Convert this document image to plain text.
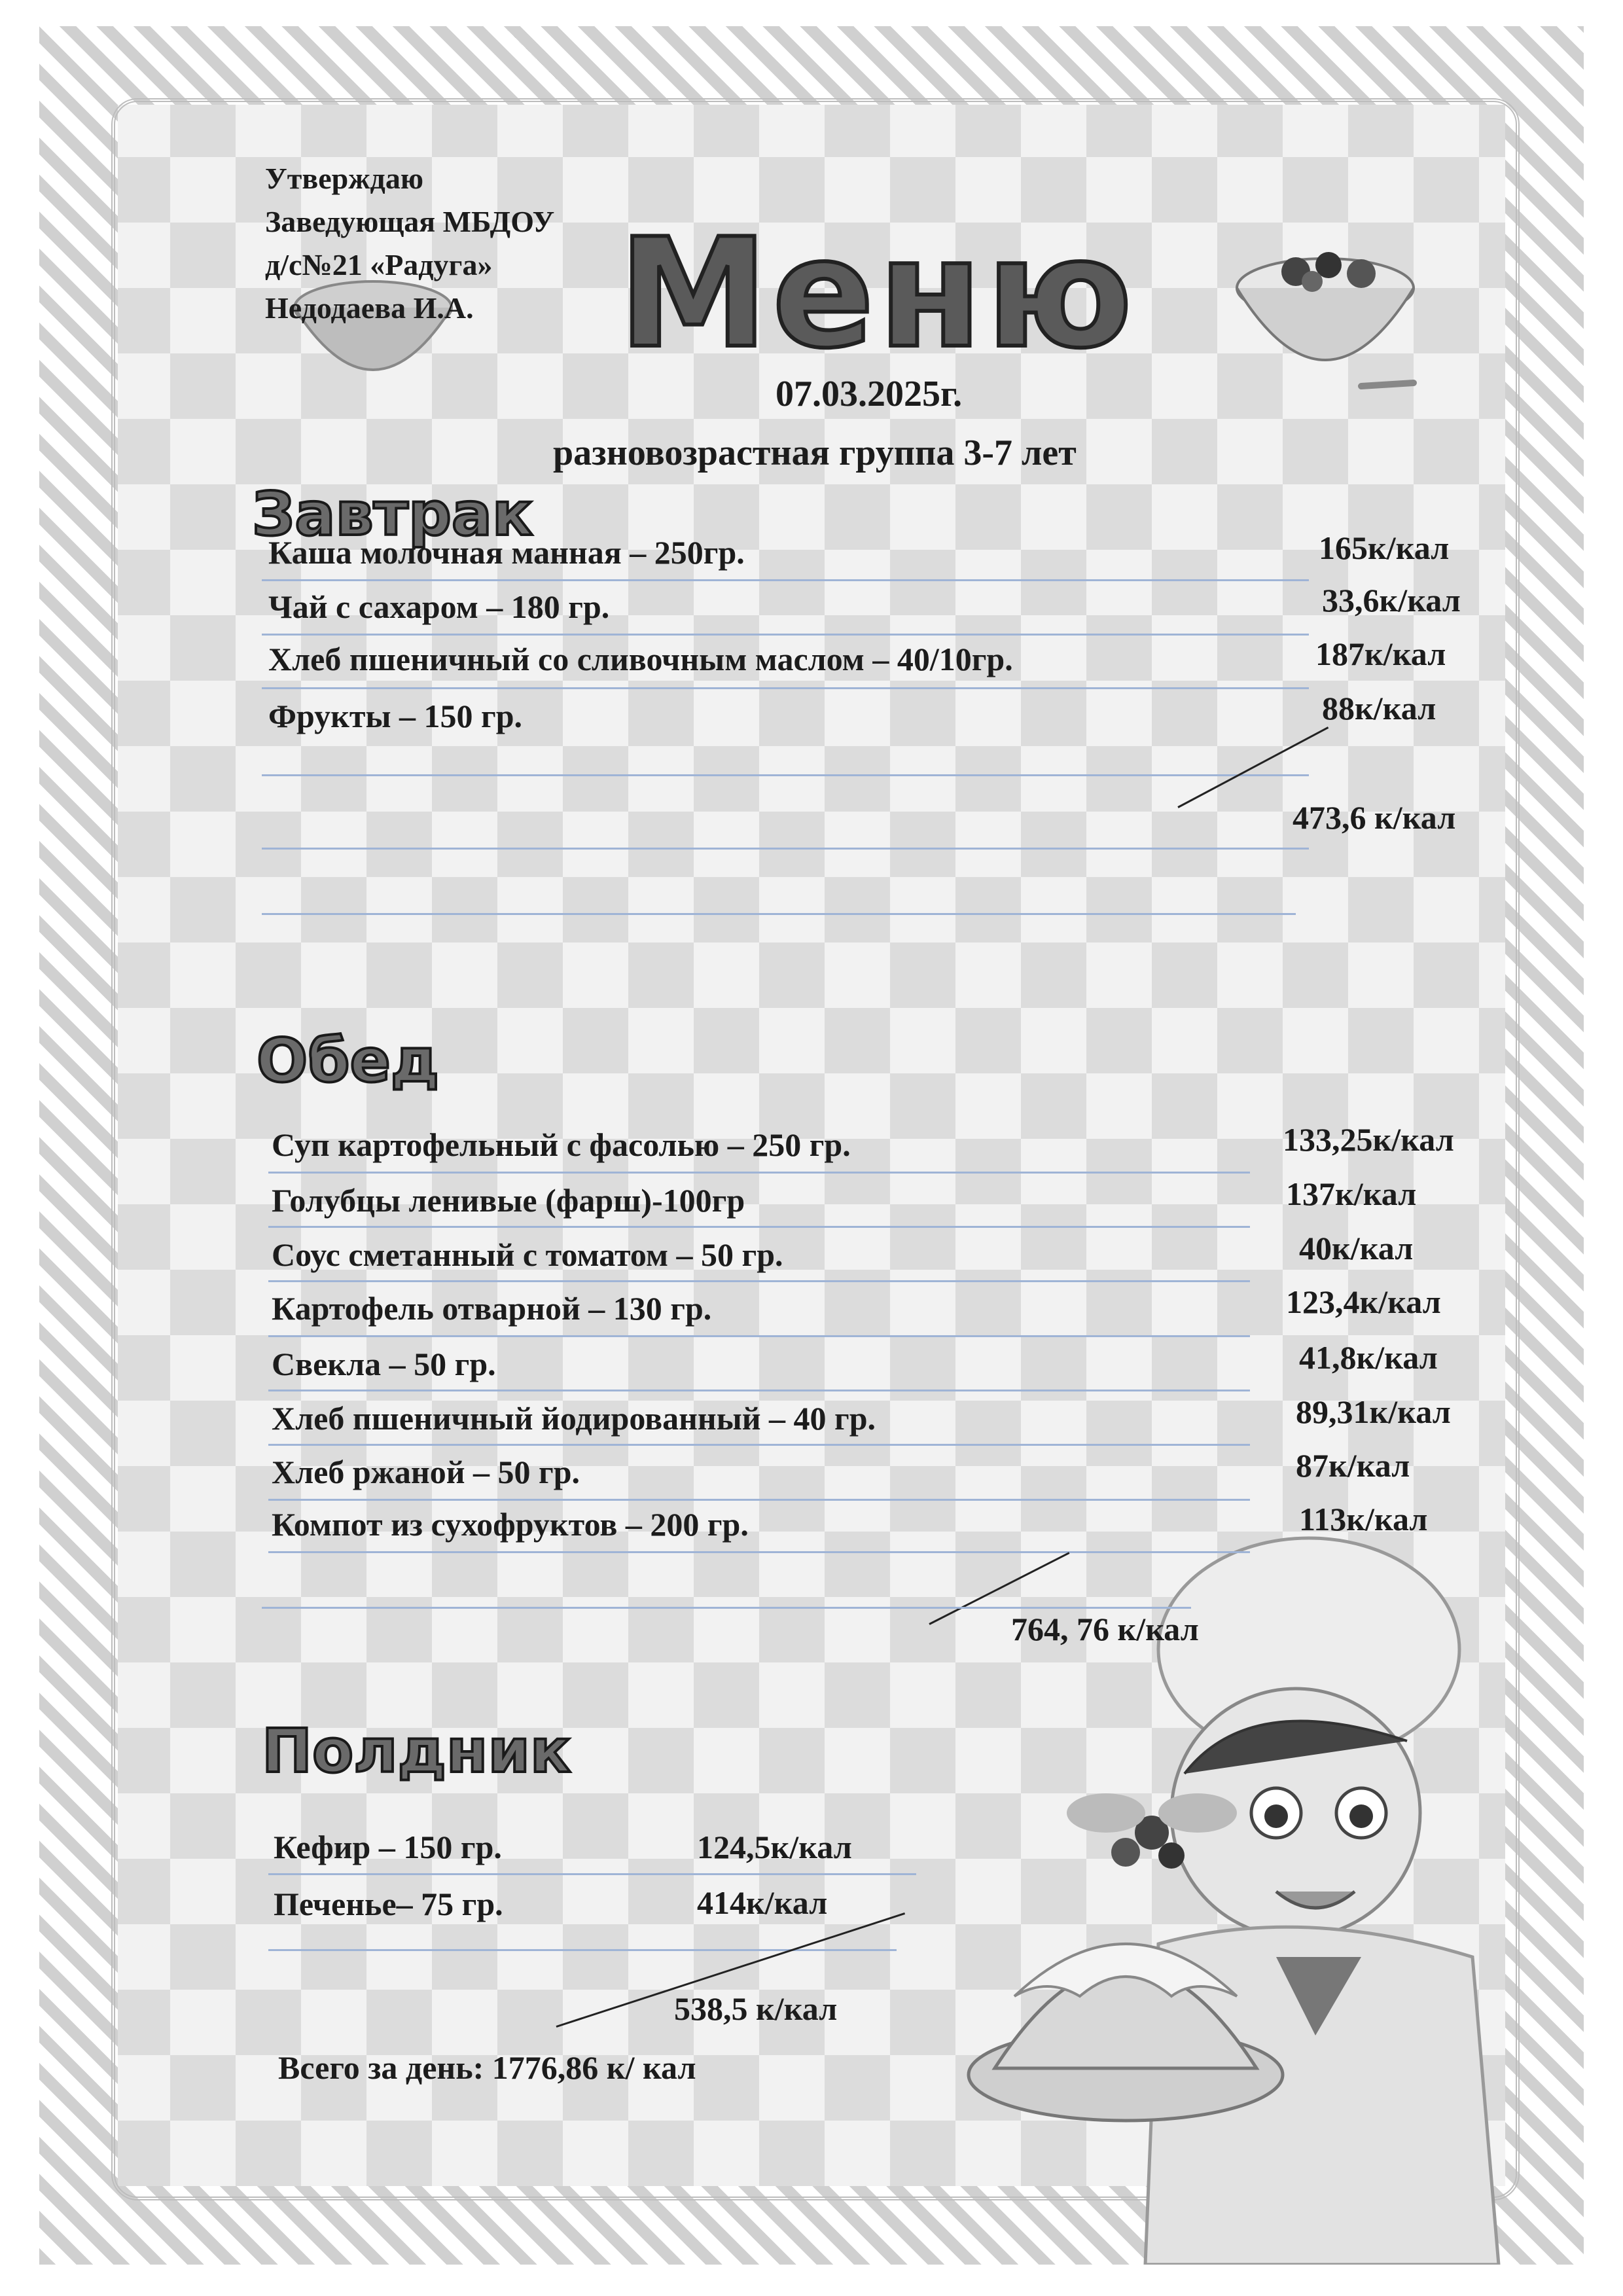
Утверждаю
Заведующая МБДОУ
д/с№21 «Радуга»
Недодаева И.А. Меню
07.03.2025г.
разновозрастная группа 3-7 лет
Завтрак
Каша молочная манная – 250гр.	165к/кал
Чай с сахаром – 180 гр.	33,6к/кал
Хлеб пшеничный со сливочным маслом – 40/10гр.	187к/кал
Фрукты – 150 гр.	88к/кал
473,6 к/кал
Обед
Суп картофельный с фасолью – 250 гр.	133,25к/кал
Голубцы ленивые (фарш)-100гр	137к/кал
Соус сметанный с томатом – 50 гр.	40к/кал
Картофель отварной – 130 гр.	123,4к/кал
Свекла – 50 гр.	41,8к/кал
Хлеб пшеничный йодированный – 40 гр.	89,31к/кал
Хлеб ржаной – 50 гр.	87к/кал
Компот из сухофруктов – 200 гр.	113к/кал
764, 76 к/кал
Полдник
Кефир – 150 гр.	124,5к/кал
Печенье– 75 гр.	414к/кал
538,5 к/кал
Всего за день: 1776,86 к/ кал
